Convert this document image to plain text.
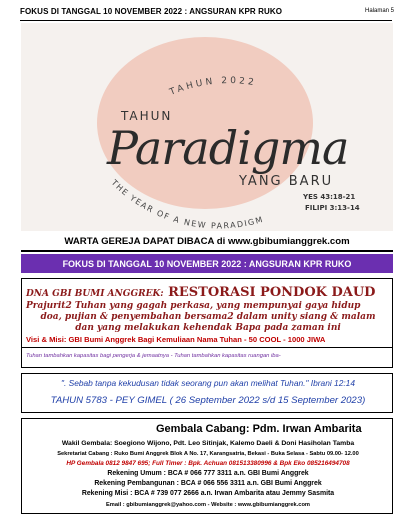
FOKUS DI TANGGAL 10 NOVEMBER 2022 : ANGSURAN KPR RUKO	Halaman 5
TAHUN 2022
THE YEAR OF A NEW PARADIGM
TAHUN
Paradigma
YANG BARU
YES 43:18-21
FILIPI 3:13-14
WARTA GEREJA DAPAT DIBACA di www.gbibumianggrek.com
FOKUS DI TANGGAL 10 NOVEMBER 2022 : ANGSURAN KPR RUKO
DNA GBI BUMI ANGGREK: RESTORASI PONDOK DAUD
Prajurit2 Tuhan yang gagah perkasa, yang mempunyai gaya hidup
doa, pujian & penyembahan bersama2 dalam unity siang & malam
dan yang melakukan kehendak Bapa pada zaman ini
Visi & Misi: GBI Bumi Anggrek Bagi Kemuliaan Nama Tuhan - 50 COOL - 1000 JIWA
Tuhan tambahkan kapasitas bagi pengerja & jemaatnya - Tuhan tambahkan kapasitas ruangan iba-
". Sebab tanpa kekudusan tidak seorang pun akan melihat Tuhan." Ibrani 12:14
TAHUN 5783 - PEY GIMEL ( 26 September 2022 s/d 15 September 2023)
Gembala Cabang: Pdm. Irwan Ambarita
Wakil Gembala: Soegiono Wijono, Pdt. Leo Sitinjak, Kalemo Daeli & Doni Hasiholan Tamba
Sekretariat Cabang : Ruko Bumi Anggrek Blok A No. 17, Karangsatria, Bekasi - Buka Selasa - Sabtu 09.00- 12.00
HP Gembala 0812 9847 695; Full Timer : Bpk. Achuan 081513380996 & Bpk Eko 085216494708
Rekening Umum : BCA # 066 777 3311 a.n. GBI Bumi Anggrek
Rekening Pembangunan : BCA # 066 556 3311 a.n. GBI Bumi Anggrek
Rekening Misi : BCA # 739 077 2666 a.n. Irwan Ambarita atau Jemmy Sasmita
Email : gbibumianggrek@yahoo.com - Website : www.gbibumianggrek.com
